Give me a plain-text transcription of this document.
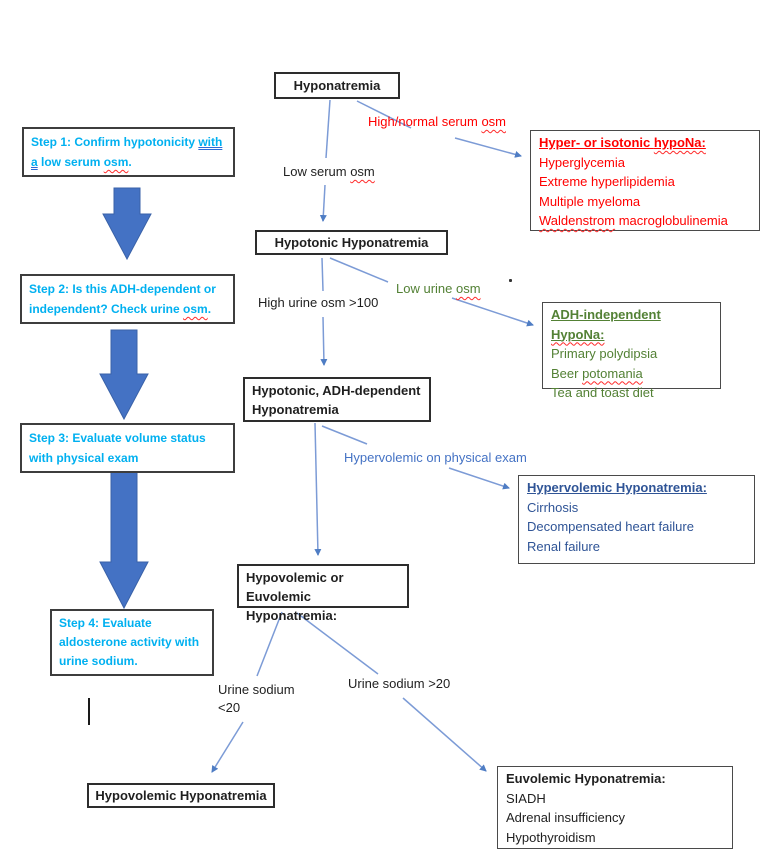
Hyponatremia
Hypotonic Hyponatremia
Hypotonic, ADH-dependent
Hyponatremia
Hypovolemic or
Euvolemic Hyponatremia:
Hypovolemic Hyponatremia
Step 1: Confirm hypotonicity with
a low serum osm.
Step 2: Is this ADH-dependent or
independent? Check urine osm.
Step 3: Evaluate volume status
with physical exam
Step 4: Evaluate
aldosterone activity with
urine sodium.
High/normal serum osm
Low serum osm
High urine osm >100
Low urine osm
Hypervolemic on physical exam
Urine sodium
<20
Urine sodium >20
Hyper- or isotonic hypoNa:
Hyperglycemia
Extreme hyperlipidemia
Multiple myeloma
Waldenstrom macroglobulinemia
ADH-independent HypoNa:
Primary polydipsia
Beer potomania
Tea and toast diet
Hypervolemic Hyponatremia:
Cirrhosis
Decompensated heart failure
Renal failure
Euvolemic Hyponatremia:
SIADH
Adrenal insufficiency
Hypothyroidism
